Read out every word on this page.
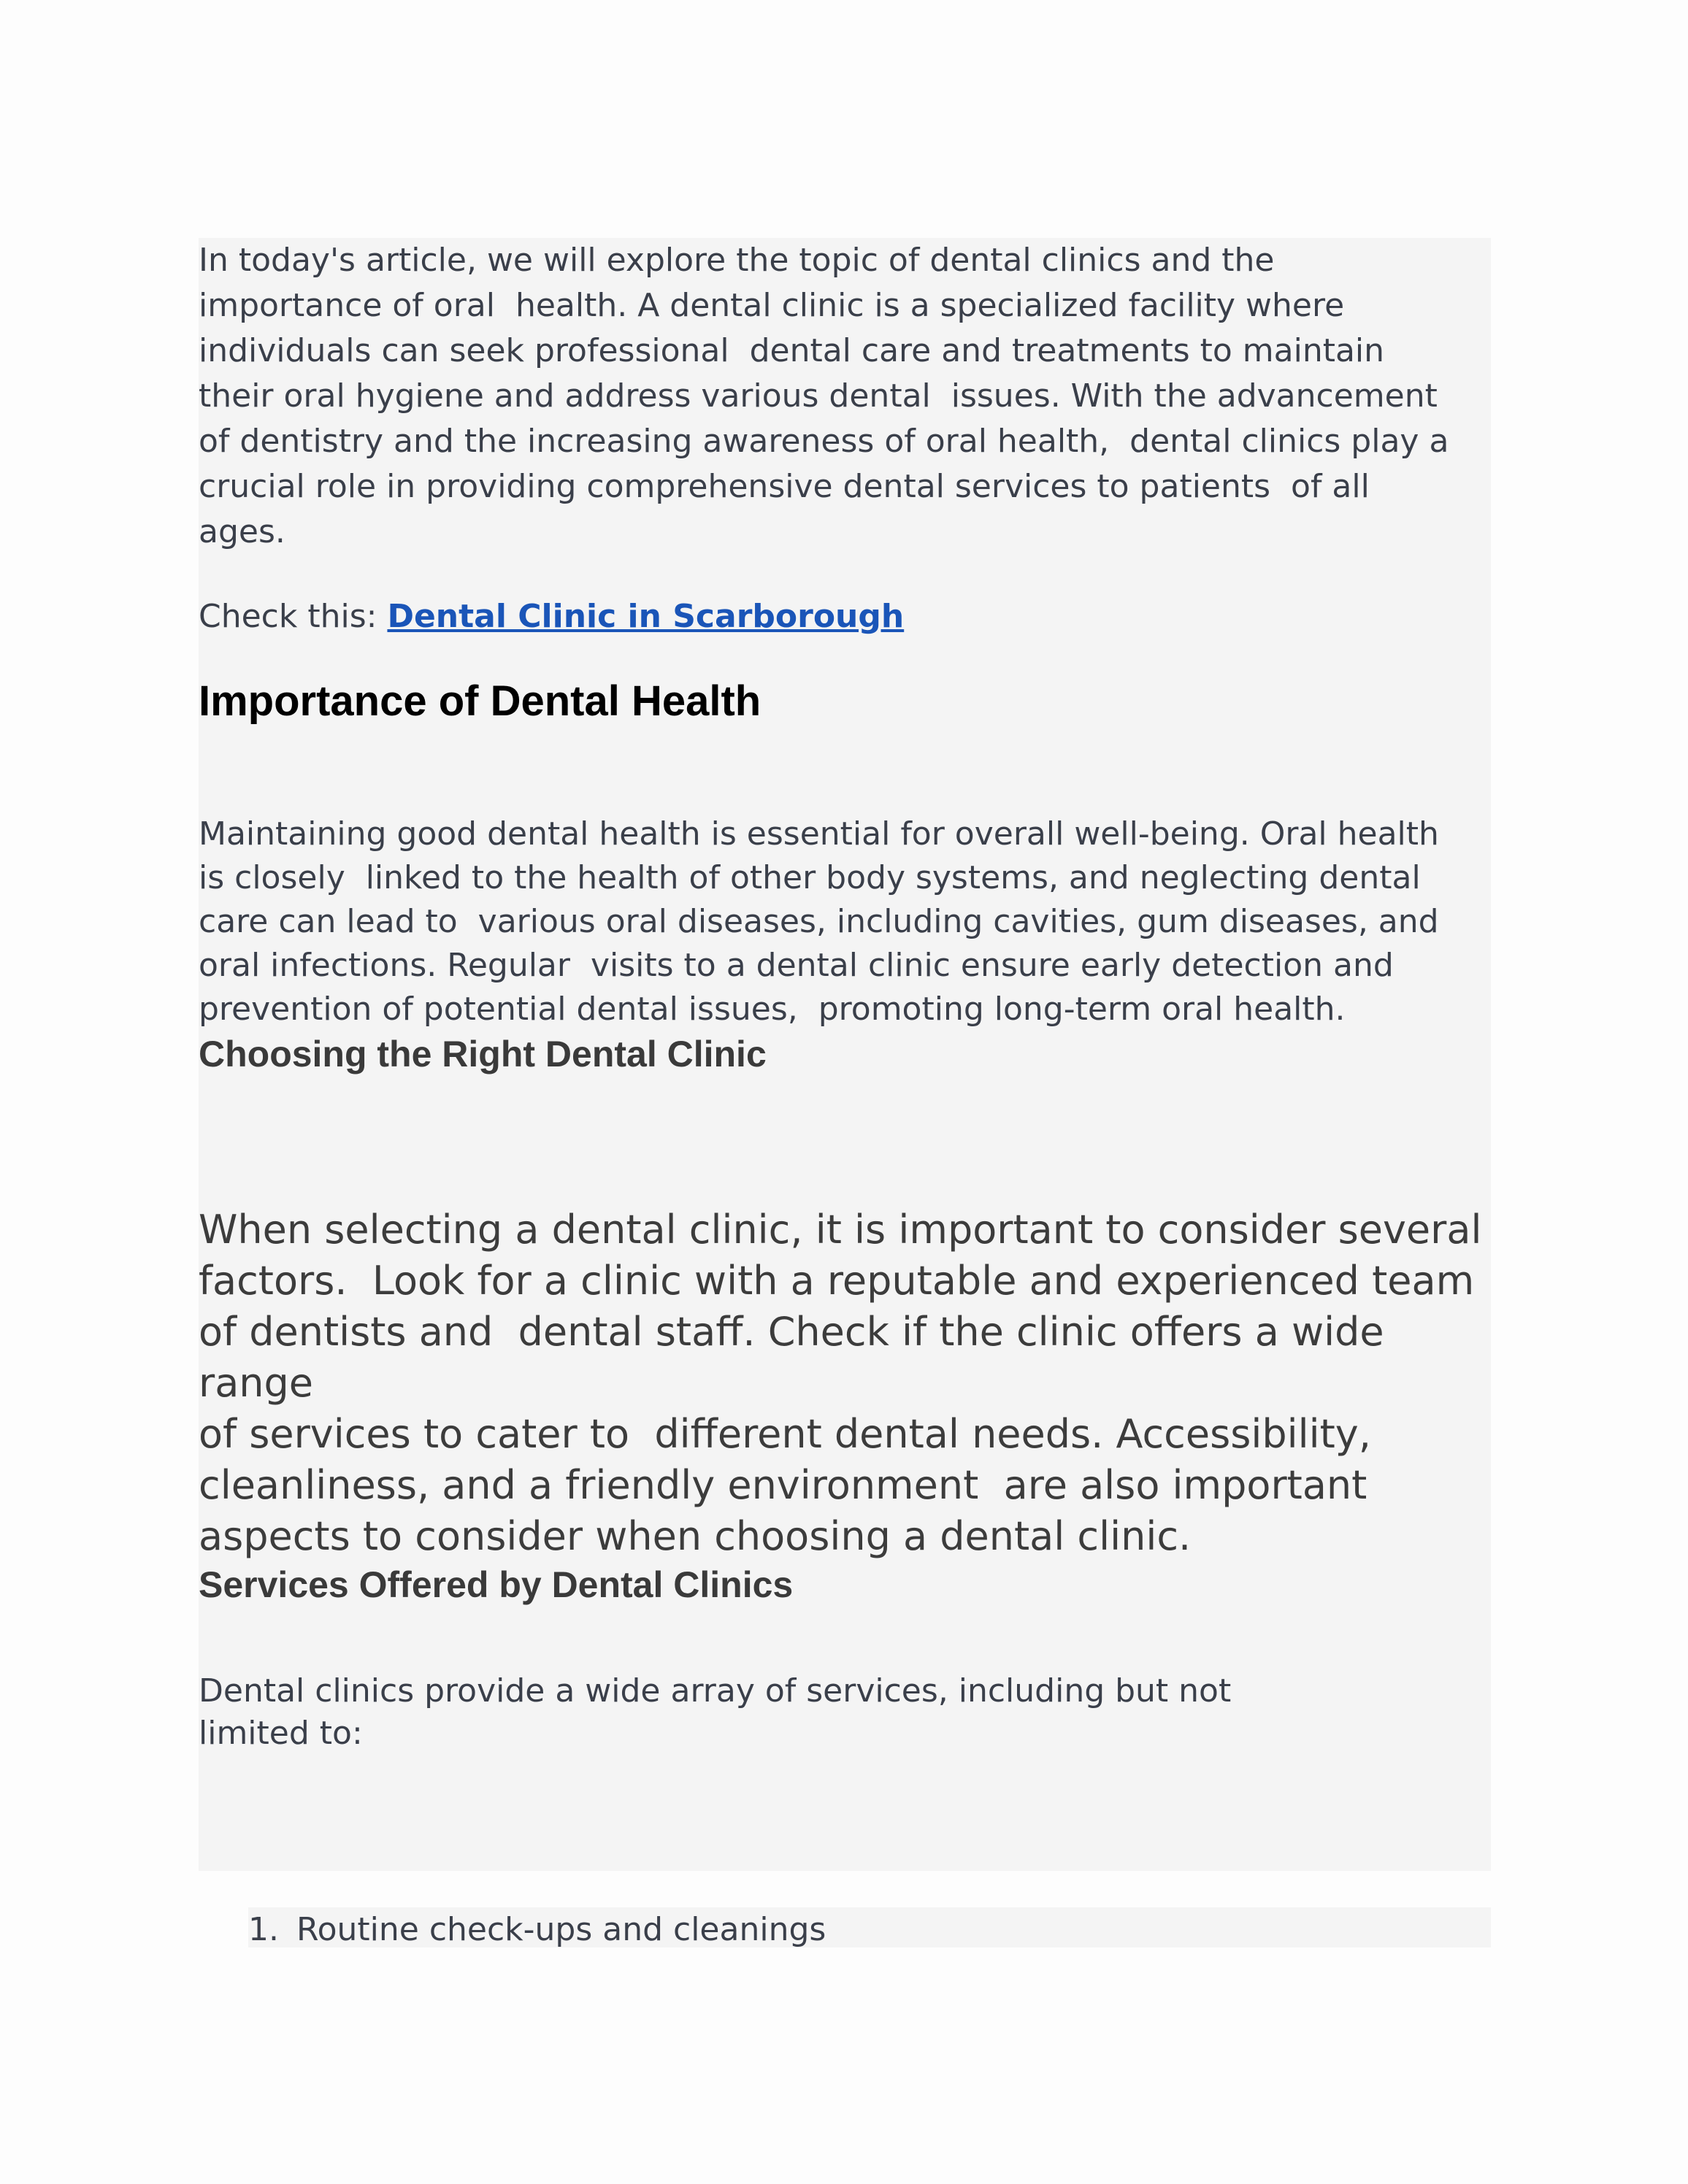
In today's article, we will explore the topic of dental clinics and the
importance of oral  health. A dental clinic is a specialized facility where
individuals can seek professional  dental care and treatments to maintain
their oral hygiene and address various dental  issues. With the advancement
of dentistry and the increasing awareness of oral health,  dental clinics play a
crucial role in providing comprehensive dental services to patients  of all
ages.

Check this: Dental Clinic in Scarborough

Importance of Dental Health

Maintaining good dental health is essential for overall well-being. Oral health
is closely  linked to the health of other body systems, and neglecting dental
care can lead to  various oral diseases, including cavities, gum diseases, and
oral infections. Regular  visits to a dental clinic ensure early detection and
prevention of potential dental issues,  promoting long-term oral health.

Choosing the Right Dental Clinic

When selecting a dental clinic, it is important to consider several
factors.  Look for a clinic with a reputable and experienced team
of dentists and  dental staff. Check if the clinic offers a wide range
of services to cater to  different dental needs. Accessibility,
cleanliness, and a friendly environment  are also important
aspects to consider when choosing a dental clinic.

Services Offered by Dental Clinics

Dental clinics provide a wide array of services, including but not
limited to:

1. Routine check-ups and cleanings
